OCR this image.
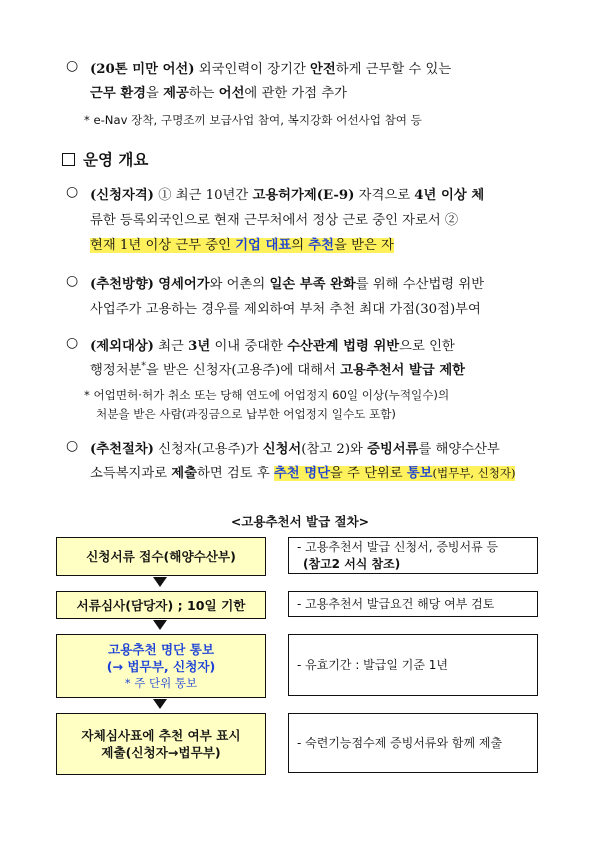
○ (20톤 미만 어선) 외국인력이 장기간 안전하게 근무할 수 있는
근무 환경을 제공하는 어선에 관한 가점 추가
* e-Nav 장착, 구명조끼 보급사업 참여, 복지강화 어선사업 참여 등
운영 개요
○ (신청자격) ① 최근 10년간 고용허가제(E-9) 자격으로 4년 이상 체
류한 등록외국인으로 현재 근무처에서 정상 근로 중인 자로서 ②
현재 1년 이상 근무 중인 기업 대표의 추천을 받은 자
○ (추천방향) 영세어가와 어촌의 일손 부족 완화를 위해 수산법령 위반
사업주가 고용하는 경우를 제외하여 부처 추천 최대 가점(30점)부여
○ (제외대상) 최근 3년 이내 중대한 수산관계 법령 위반으로 인한
행정처분*을 받은 신청자(고용주)에 대해서 고용추천서 발급 제한
* 어업면허·허가 취소 또는 당해 연도에 어업정지 60일 이상(누적일수)의
처분을 받은 사람(과징금으로 납부한 어업정지 일수도 포함)
○ (추천절차) 신청자(고용주)가 신청서(참고 2)와 증빙서류를 해양수산부
소득복지과로 제출하면 검토 후 추천 명단을 주 단위로 통보(법무부, 신청자)
<고용추천서 발급 절차>
신청서류 접수(해양수산부)
- 고용추천서 발급 신청서, 증빙서류 등
(참고2 서식 참조)
서류심사(담당자) ; 10일 기한	- 고용추천서 발급요건 해당 여부 검토
고용추천 명단 통보
(→ 법무부, 신청자)
* 주 단위 통보
- 유효기간 : 발급일 기준 1년
자체심사표에 추천 여부 표시
제출(신청자→법무부)
- 숙련기능점수제 증빙서류와 함께 제출
